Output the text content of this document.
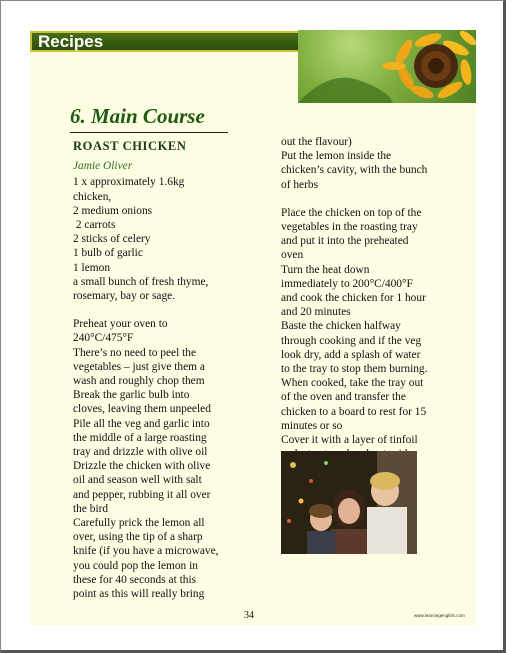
Recipes
6. Main Course
ROAST CHICKEN
Jamie Oliver
1 x approximately 1.6kg
chicken,
2 medium onions
2 carrots
2 sticks of celery
1 bulb of garlic
1 lemon
a small bunch of fresh thyme,
rosemary, bay or sage.
Preheat your oven to
240°C/475°F
There’s no need to peel the
vegetables – just give them a
wash and roughly chop them
Break the garlic bulb into
cloves, leaving them unpeeled
Pile all the veg and garlic into
the middle of a large roasting
tray and drizzle with olive oil
Drizzle the chicken with olive
oil and season well with salt
and pepper, rubbing it all over
the bird
Carefully prick the lemon all
over, using the tip of a sharp
knife (if you have a microwave,
you could pop the lemon in
these for 40 seconds at this
point as this will really bring
out the flavour)
Put the lemon inside the
chicken’s cavity, with the bunch
of herbs
Place the chicken on top of the
vegetables in the roasting tray
and put it into the preheated
oven
Turn the heat down
immediately to 200°C/400°F
and cook the chicken for 1 hour
and 20 minutes
Baste the chicken halfway
through cooking and if the veg
look dry, add a splash of water
to the tray to stop them burning.
When cooked, take the tray out
of the oven and transfer the
chicken to a board to rest for 15
minutes or so
Cover it with a layer of tinfoil
34	www.learningenglish.com
